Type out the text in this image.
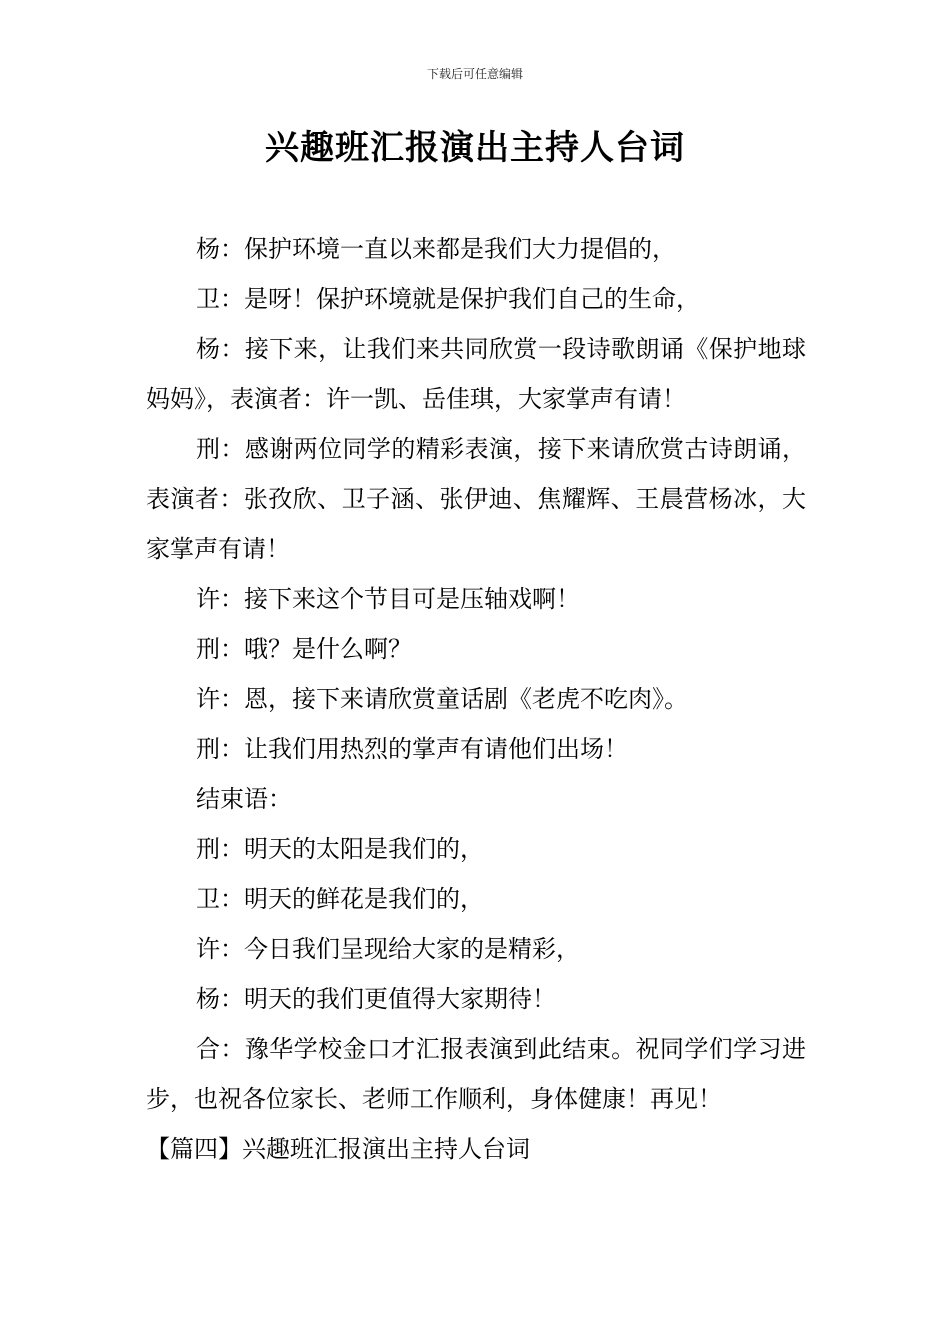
下载后可任意编辑
兴趣班汇报演出主持人台词

杨：保护环境一直以来都是我们大力提倡的，

卫：是呀！保护环境就是保护我们自己的生命，

杨：接下来，让我们来共同欣赏一段诗歌朗诵《保护地球妈妈》，表演者：许一凯、岳佳琪，大家掌声有请！

刑：感谢两位同学的精彩表演，接下来请欣赏古诗朗诵，表演者：张孜欣、卫子涵、张伊迪、焦耀辉、王晨营杨冰，大家掌声有请！

许：接下来这个节目可是压轴戏啊！

刑：哦？是什么啊？

许：恩，接下来请欣赏童话剧《老虎不吃肉》。

刑：让我们用热烈的掌声有请他们出场！

结束语：

刑：明天的太阳是我们的，

卫：明天的鲜花是我们的，

许：今日我们呈现给大家的是精彩，

杨：明天的我们更值得大家期待！

合：豫华学校金口才汇报表演到此结束。祝同学们学习进步，也祝各位家长、老师工作顺利，身体健康！再见！

【篇四】兴趣班汇报演出主持人台词
